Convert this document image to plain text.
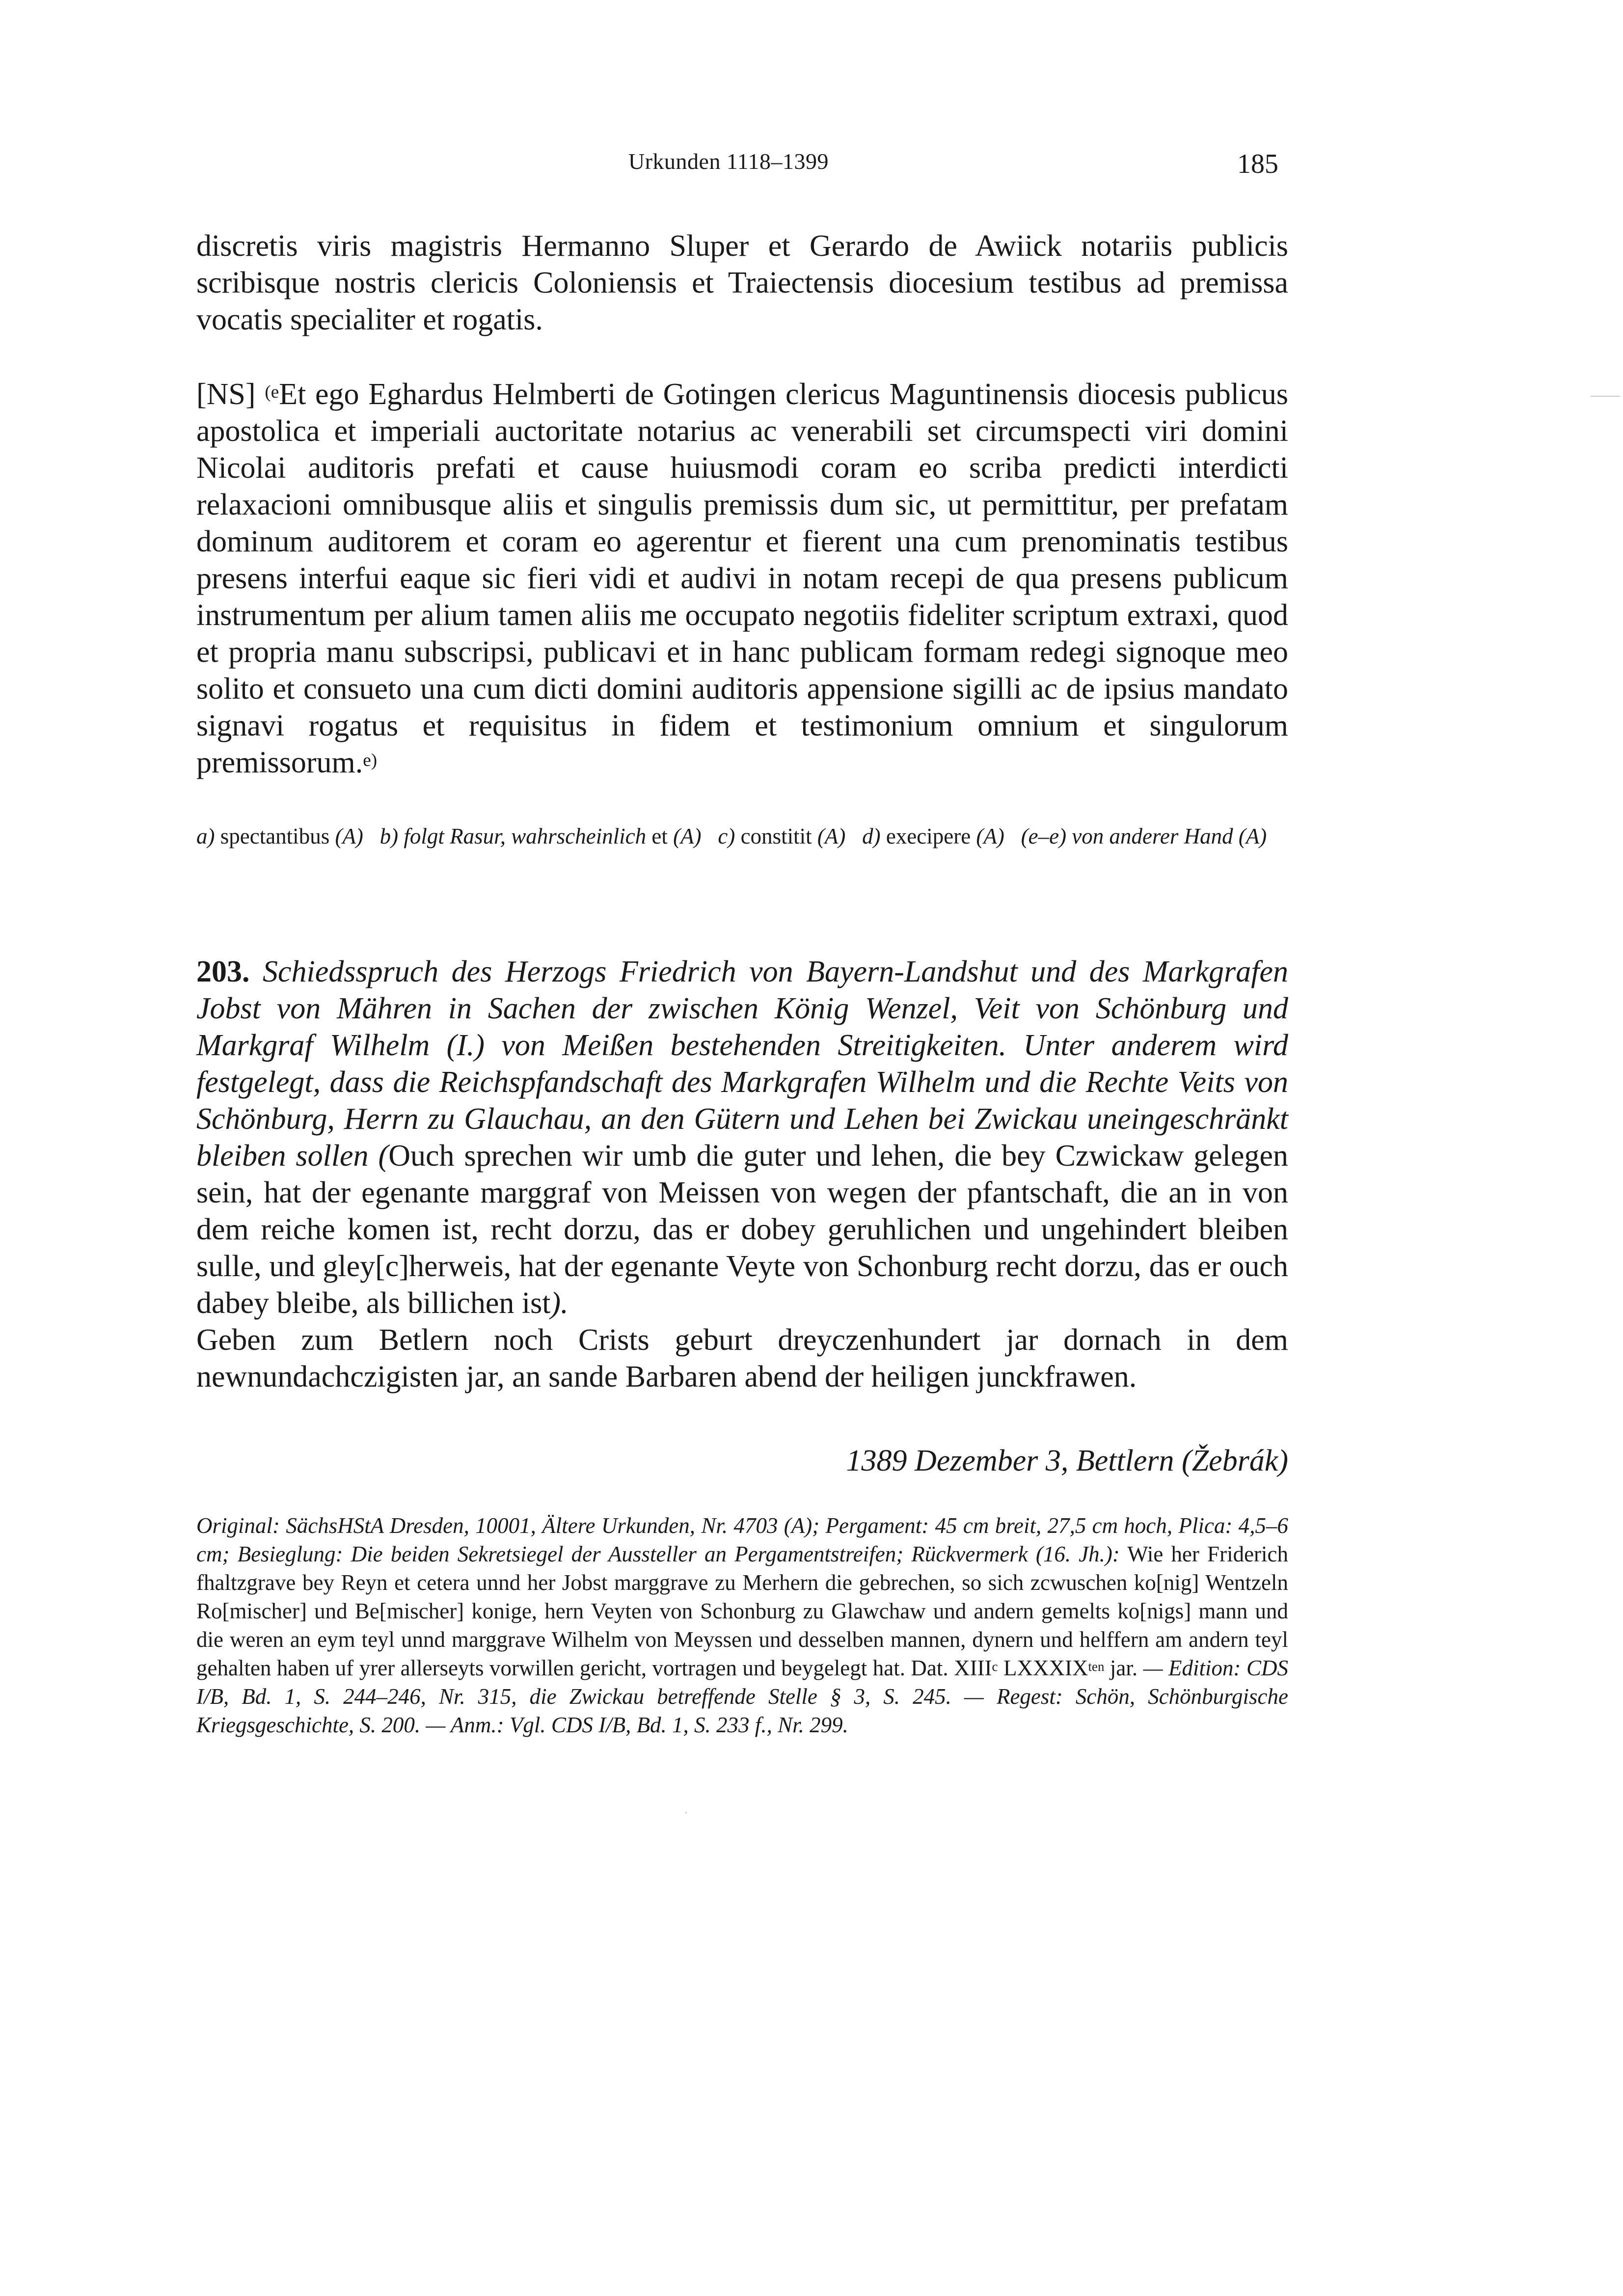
Urkunden 1118–1399	185
discretis viris magistris Hermanno Sluper et Gerardo de Awiick notariis publicis scribisque nostris clericis Coloniensis et Traiectensis diocesium testibus ad premissa vocatis specialiter et rogatis.
[NS] $^{(e}$Et ego Eghardus Helmberti de Gotingen clericus Maguntinensis diocesis publicus apostolica et imperiali auctoritate notarius ac venerabili set circumspecti viri domini Nicolai auditoris prefati et cause huiusmodi coram eo scriba predicti interdicti relaxacioni omnibusque aliis et singulis premissis dum sic, ut permittitur, per prefatam dominum auditorem et coram eo agerentur et fierent una cum prenominatis testibus presens interfui eaque sic fieri vidi et audivi in notam recepi de qua presens publicum instrumentum per alium tamen aliis me occupato negotiis fideliter scriptum extraxi, quod et propria manu subscripsi, publicavi et in hanc publicam formam redegi signoque meo solito et consueto una cum dicti domini auditoris appensione sigilli ac de ipsius mandato signavi rogatus et requisitus in fidem et testimonium omnium et singulorum premissorum.$^{e)}$
a) spectantibus (A) b) folgt Rasur, wahrscheinlich et (A) c) constitit (A) d) execipere (A) (e–e) von anderer Hand (A)
203. Schiedsspruch des Herzogs Friedrich von Bayern-Landshut und des Markgrafen Jobst von Mähren in Sachen der zwischen König Wenzel, Veit von Schönburg und Markgraf Wilhelm (I.) von Meißen bestehenden Streitigkeiten. Unter anderem wird festgelegt, dass die Reichspfandschaft des Markgrafen Wilhelm und die Rechte Veits von Schönburg, Herrn zu Glauchau, an den Gütern und Lehen bei Zwickau uneingeschränkt bleiben sollen (Ouch sprechen wir umb die guter und lehen, die bey Czwickaw gelegen sein, hat der egenante marggraf von Meissen von wegen der pfantschaft, die an in von dem reiche komen ist, recht dorzu, das er dobey geruhlichen und ungehindert bleiben sulle, und gley[c]herweis, hat der egenante Veyte von Schonburg recht dorzu, das er ouch dabey bleibe, als billichen ist).
Geben zum Betlern noch Crists geburt dreyczenhundert jar dornach in dem newnundachczigisten jar, an sande Barbaren abend der heiligen junckfrawen.
1389 Dezember 3, Bettlern (Žebrák)
Original: SächsHStA Dresden, 10001, Ältere Urkunden, Nr. 4703 (A); Pergament: 45 cm breit, 27,5 cm hoch, Plica: 4,5–6 cm; Besieglung: Die beiden Sekretsiegel der Aussteller an Pergamentstreifen; Rückvermerk (16. Jh.): Wie her Friderich fhaltzgrave bey Reyn et cetera unnd her Jobst marggrave zu Merhern die gebrechen, so sich zcwuschen ko[nig] Wentzeln Ro[mischer] und Be[mischer] konige, hern Veyten von Schonburg zu Glawchaw und andern gemelts ko[nigs] mann und die weren an eym teyl unnd marggrave Wilhelm von Meyssen und desselben mannen, dynern und helffern am andern teyl gehalten haben uf yrer allerseyts vorwillen gericht, vortragen und beygelegt hat. Dat. XIII$^c$ $LXXXIX^{ten}$ jar. — Edition: CDS I/B, Bd. 1, S. 244–246, Nr. 315, die Zwickau betreffende Stelle § 3, S. 245. — Regest: Schön, Schönburgische Kriegsgeschichte, S. 200. — Anm.: Vgl. CDS I/B, Bd. 1, S. 233 f., Nr. 299.
